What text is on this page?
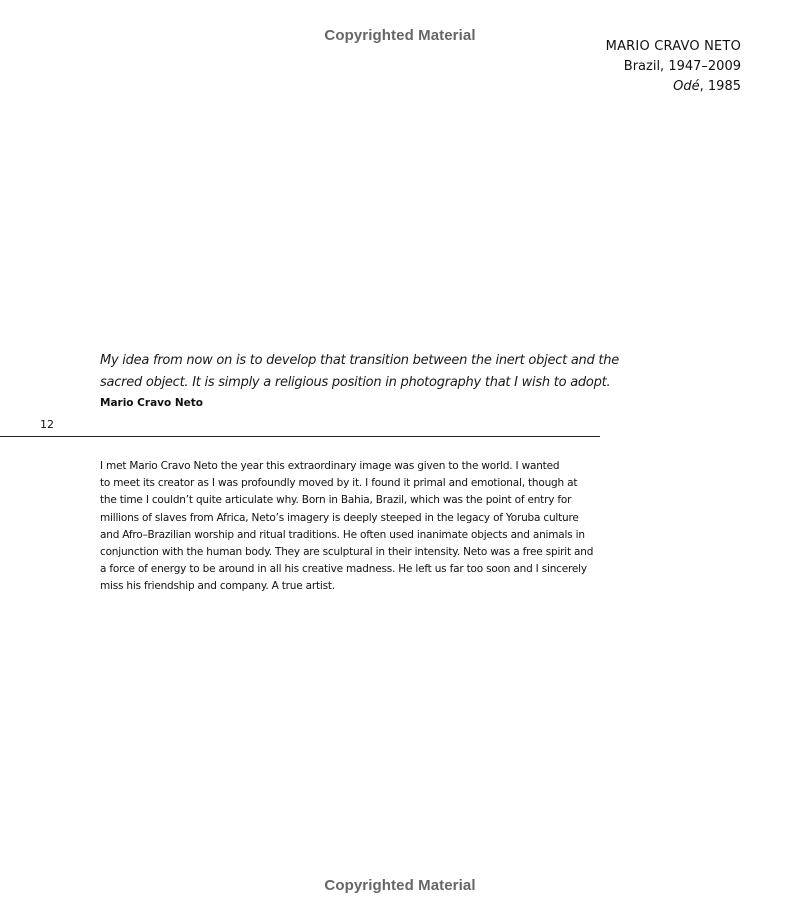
Copyrighted Material
MARIO CRAVO NETO
Brazil, 1947–2009
Odé, 1985
My idea from now on is to develop that transition between the inert object and the
sacred object. It is simply a religious position in photography that I wish to adopt.
Mario Cravo Neto
12
I met Mario Cravo Neto the year this extraordinary image was given to the world. I wanted
to meet its creator as I was profoundly moved by it. I found it primal and emotional, though at
the time I couldn’t quite articulate why. Born in Bahia, Brazil, which was the point of entry for
millions of slaves from Africa, Neto’s imagery is deeply steeped in the legacy of Yoruba culture
and Afro–Brazilian worship and ritual traditions. He often used inanimate objects and animals in
conjunction with the human body. They are sculptural in their intensity. Neto was a free spirit and
a force of energy to be around in all his creative madness. He left us far too soon and I sincerely
miss his friendship and company. A true artist.
Copyrighted Material
